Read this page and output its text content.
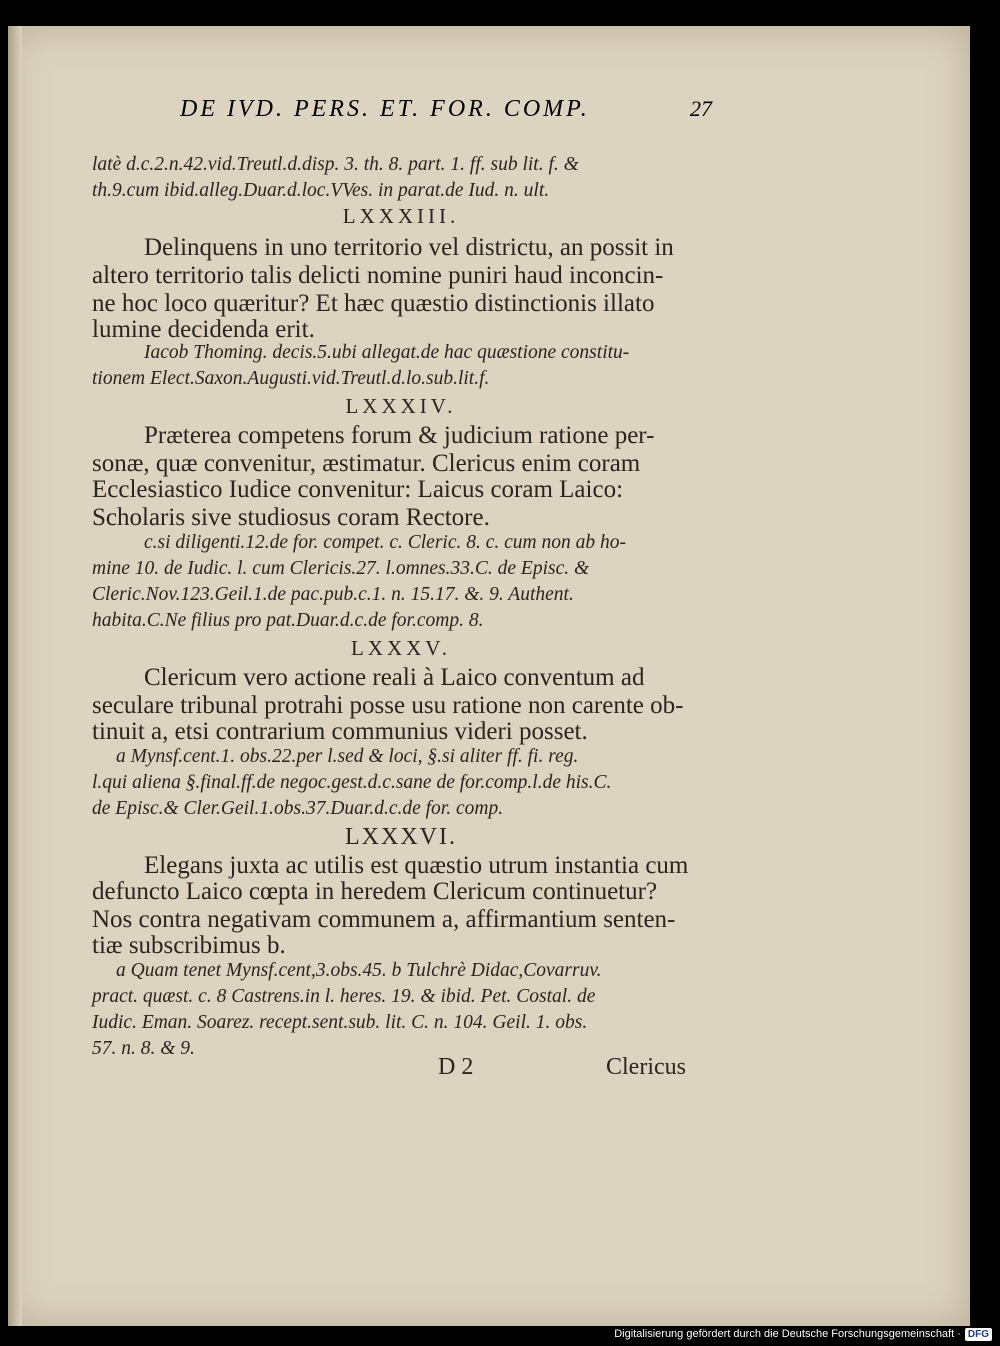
DE IVD. PERS. ET. FOR. COMP.	27
latè d.c.2.n.42.vid.Treutl.d.disp. 3. th. 8. part. 1. ff. sub lit. f. &
th.9.cum ibid.alleg.Duar.d.loc.VVes. in parat.de Iud. n. ult.
LXXXIII.
Delinquens in uno territorio vel districtu, an possit in
altero territorio talis delicti nomine puniri haud inconcin-
ne hoc loco quæritur? Et hæc quæstio distinctionis illato
lumine decidenda erit.
Iacob Thoming. decis.5.ubi allegat.de hac quæstione constitu-
tionem Elect.Saxon.Augusti.vid.Treutl.d.lo.sub.lit.f.
LXXXIV.
Præterea competens forum & judicium ratione per-
sonæ, quæ convenitur, æstimatur. Clericus enim coram
Ecclesiastico Iudice convenitur: Laicus coram Laico:
Scholaris sive studiosus coram Rectore.
c.si diligenti.12.de for. compet. c. Cleric. 8. c. cum non ab ho-
mine 10. de Iudic. l. cum Clericis.27. l.omnes.33.C. de Episc. &
Cleric.Nov.123.Geil.1.de pac.pub.c.1. n. 15.17. &. 9. Authent.
habita.C.Ne filius pro pat.Duar.d.c.de for.comp. 8.
LXXXV.
Clericum vero actione reali à Laico conventum ad
seculare tribunal protrahi posse usu ratione non carente ob-
tinuit a, etsi contrarium communius videri posset.
a Mynsf.cent.1. obs.22.per l.sed & loci, §.si aliter ff. fi. reg.
l.qui aliena §.final.ff.de negoc.gest.d.c.sane de for.comp.l.de his.C.
de Episc.& Cler.Geil.1.obs.37.Duar.d.c.de for. comp.
LXXXVI.
Elegans juxta ac utilis est quæstio utrum instantia cum
defuncto Laico cœpta in heredem Clericum continuetur?
Nos contra negativam communem a, affirmantium senten-
tiæ subscribimus b.
a Quam tenet Mynsf.cent,3.obs.45. b Tulchrè Didac,Covarruv.
pract. quæst. c. 8 Castrens.in l. heres. 19. & ibid. Pet. Costal. de
Iudic. Eman. Soarez. recept.sent.sub. lit. C. n. 104. Geil. 1. obs.
57. n. 8. & 9.
D 2	Clericus
Digitalisierung gefördert durch die Deutsche Forschungsgemeinschaft · DFG
